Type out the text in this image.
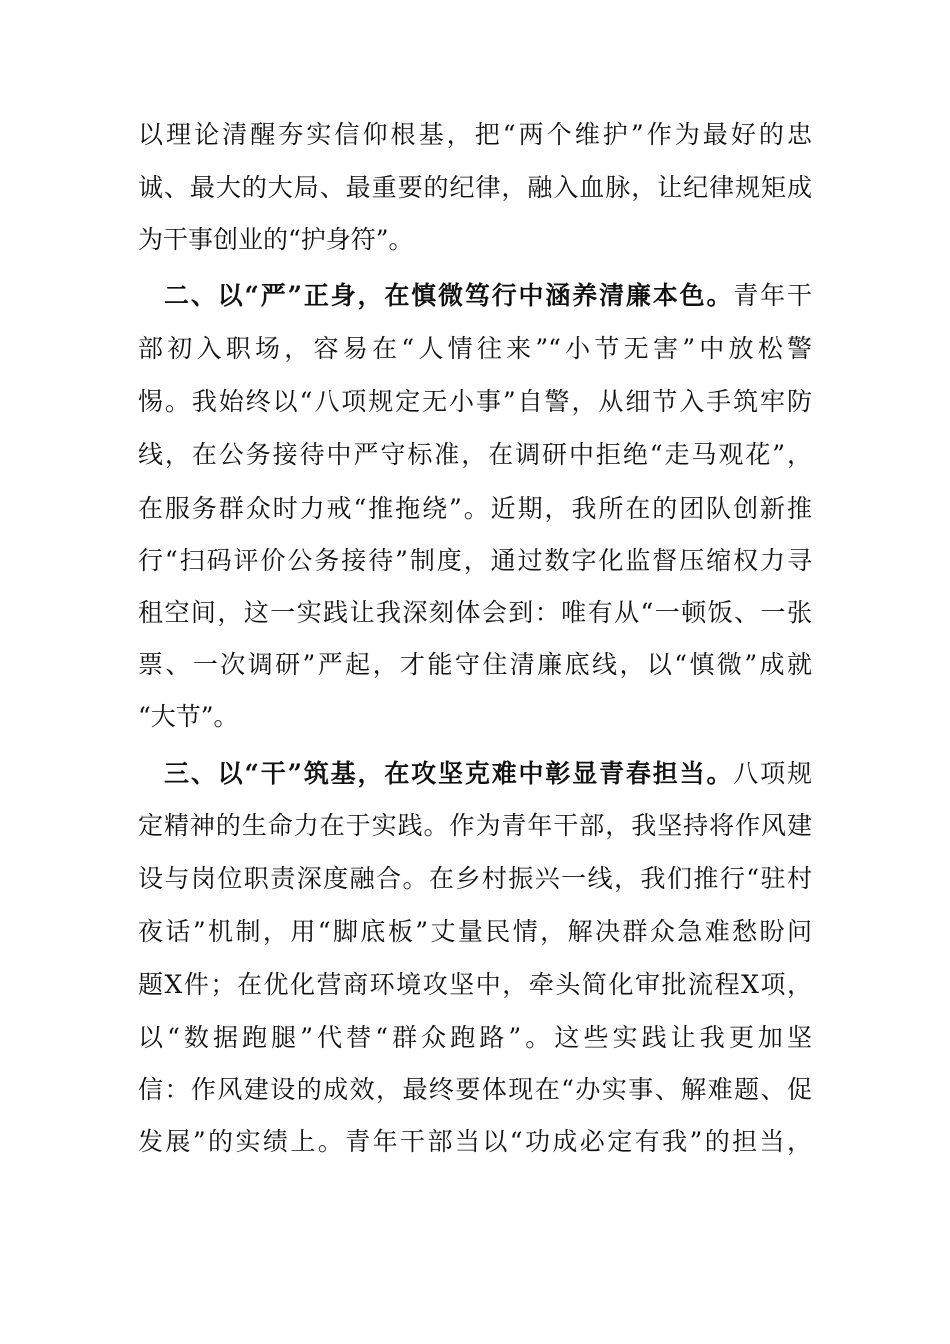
以理论清醒夯实信仰根基，把“两个维护”作为最好的忠
诚、最大的大局、最重要的纪律，融入血脉，让纪律规矩成
为干事创业的“护身符”。
二、以“严”正身，在慎微笃行中涵养清廉本色。青年干
部初入职场，容易在“人情往来”“小节无害”中放松警
惕。我始终以“八项规定无小事”自警，从细节入手筑牢防
线，在公务接待中严守标准，在调研中拒绝“走马观花”，
在服务群众时力戒“推拖绕”。近期，我所在的团队创新推
行“扫码评价公务接待”制度，通过数字化监督压缩权力寻
租空间，这一实践让我深刻体会到：唯有从“一顿饭、一张
票、一次调研”严起，才能守住清廉底线，以“慎微”成就
“大节”。
三、以“干”筑基，在攻坚克难中彰显青春担当。八项规
定精神的生命力在于实践。作为青年干部，我坚持将作风建
设与岗位职责深度融合。在乡村振兴一线，我们推行“驻村
夜话”机制，用“脚底板”丈量民情，解决群众急难愁盼问
题X件；在优化营商环境攻坚中，牵头简化审批流程X项，
以“数据跑腿”代替“群众跑路”。这些实践让我更加坚
信：作风建设的成效，最终要体现在“办实事、解难题、促
发展”的实绩上。青年干部当以“功成必定有我”的担当，
